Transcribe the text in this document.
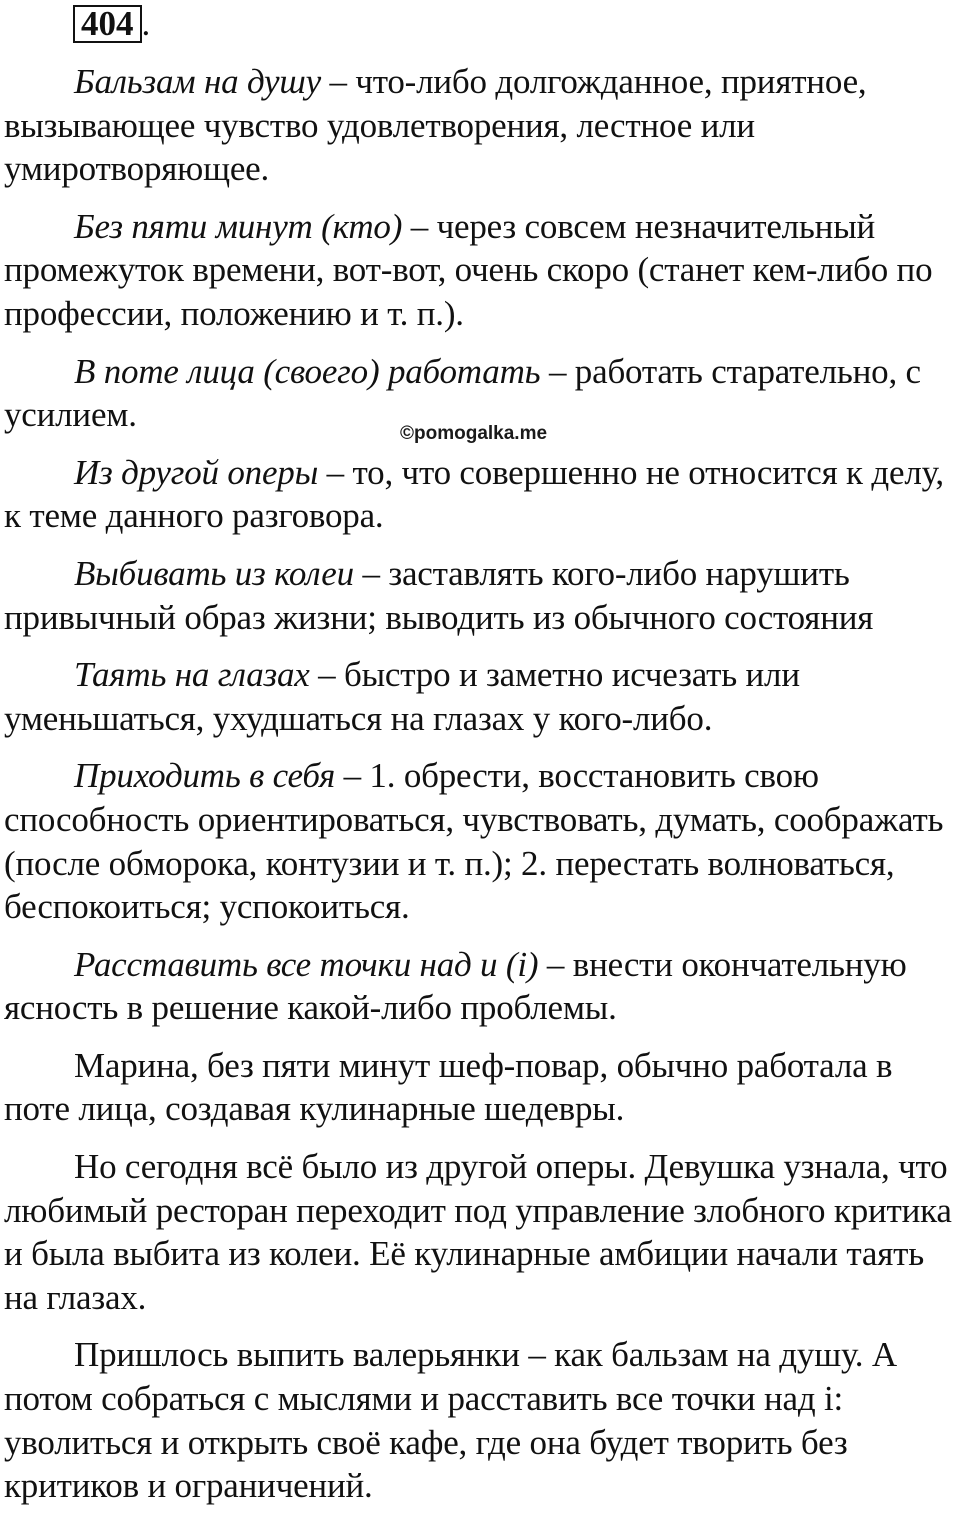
404 .

Бальзам на душу – что-либо долгожданное, приятное, вызывающее чувство удовлетворения, лестное или умиротворяющее.

Без пяти минут (кто) – через совсем незначительный промежуток времени, вот-вот, очень скоро (станет кем-либо по профессии, положению и т. п.).

В поте лица (своего) работать – работать старательно, с усилием.

Из другой оперы – то, что совершенно не относится к делу, к теме данного разговора.

Выбивать из колеи – заставлять кого-либо нарушить привычный образ жизни; выводить из обычного состояния

Таять на глазах – быстро и заметно исчезать или уменьшаться, ухудшаться на глазах у кого-либо.

Приходить в себя – 1. обрести, восстановить свою способность ориентироваться, чувствовать, думать, соображать (после обморока, контузии и т. п.); 2. перестать волноваться, беспокоиться; успокоиться.

Расставить все точки над и (i) – внести окончательную ясность в решение какой-либо проблемы.

Марина, без пяти минут шеф-повар, обычно работала в поте лица, создавая кулинарные шедевры.

Но сегодня всё было из другой оперы. Девушка узнала, что любимый ресторан переходит под управление злобного критика и была выбита из колеи. Её кулинарные амбиции начали таять на глазах.

Пришлось выпить валерьянки – как бальзам на душу. А потом собраться с мыслями и расставить все точки над i: уволиться и открыть своё кафе, где она будет творить без критиков и ограничений.

©pomogalka.me
